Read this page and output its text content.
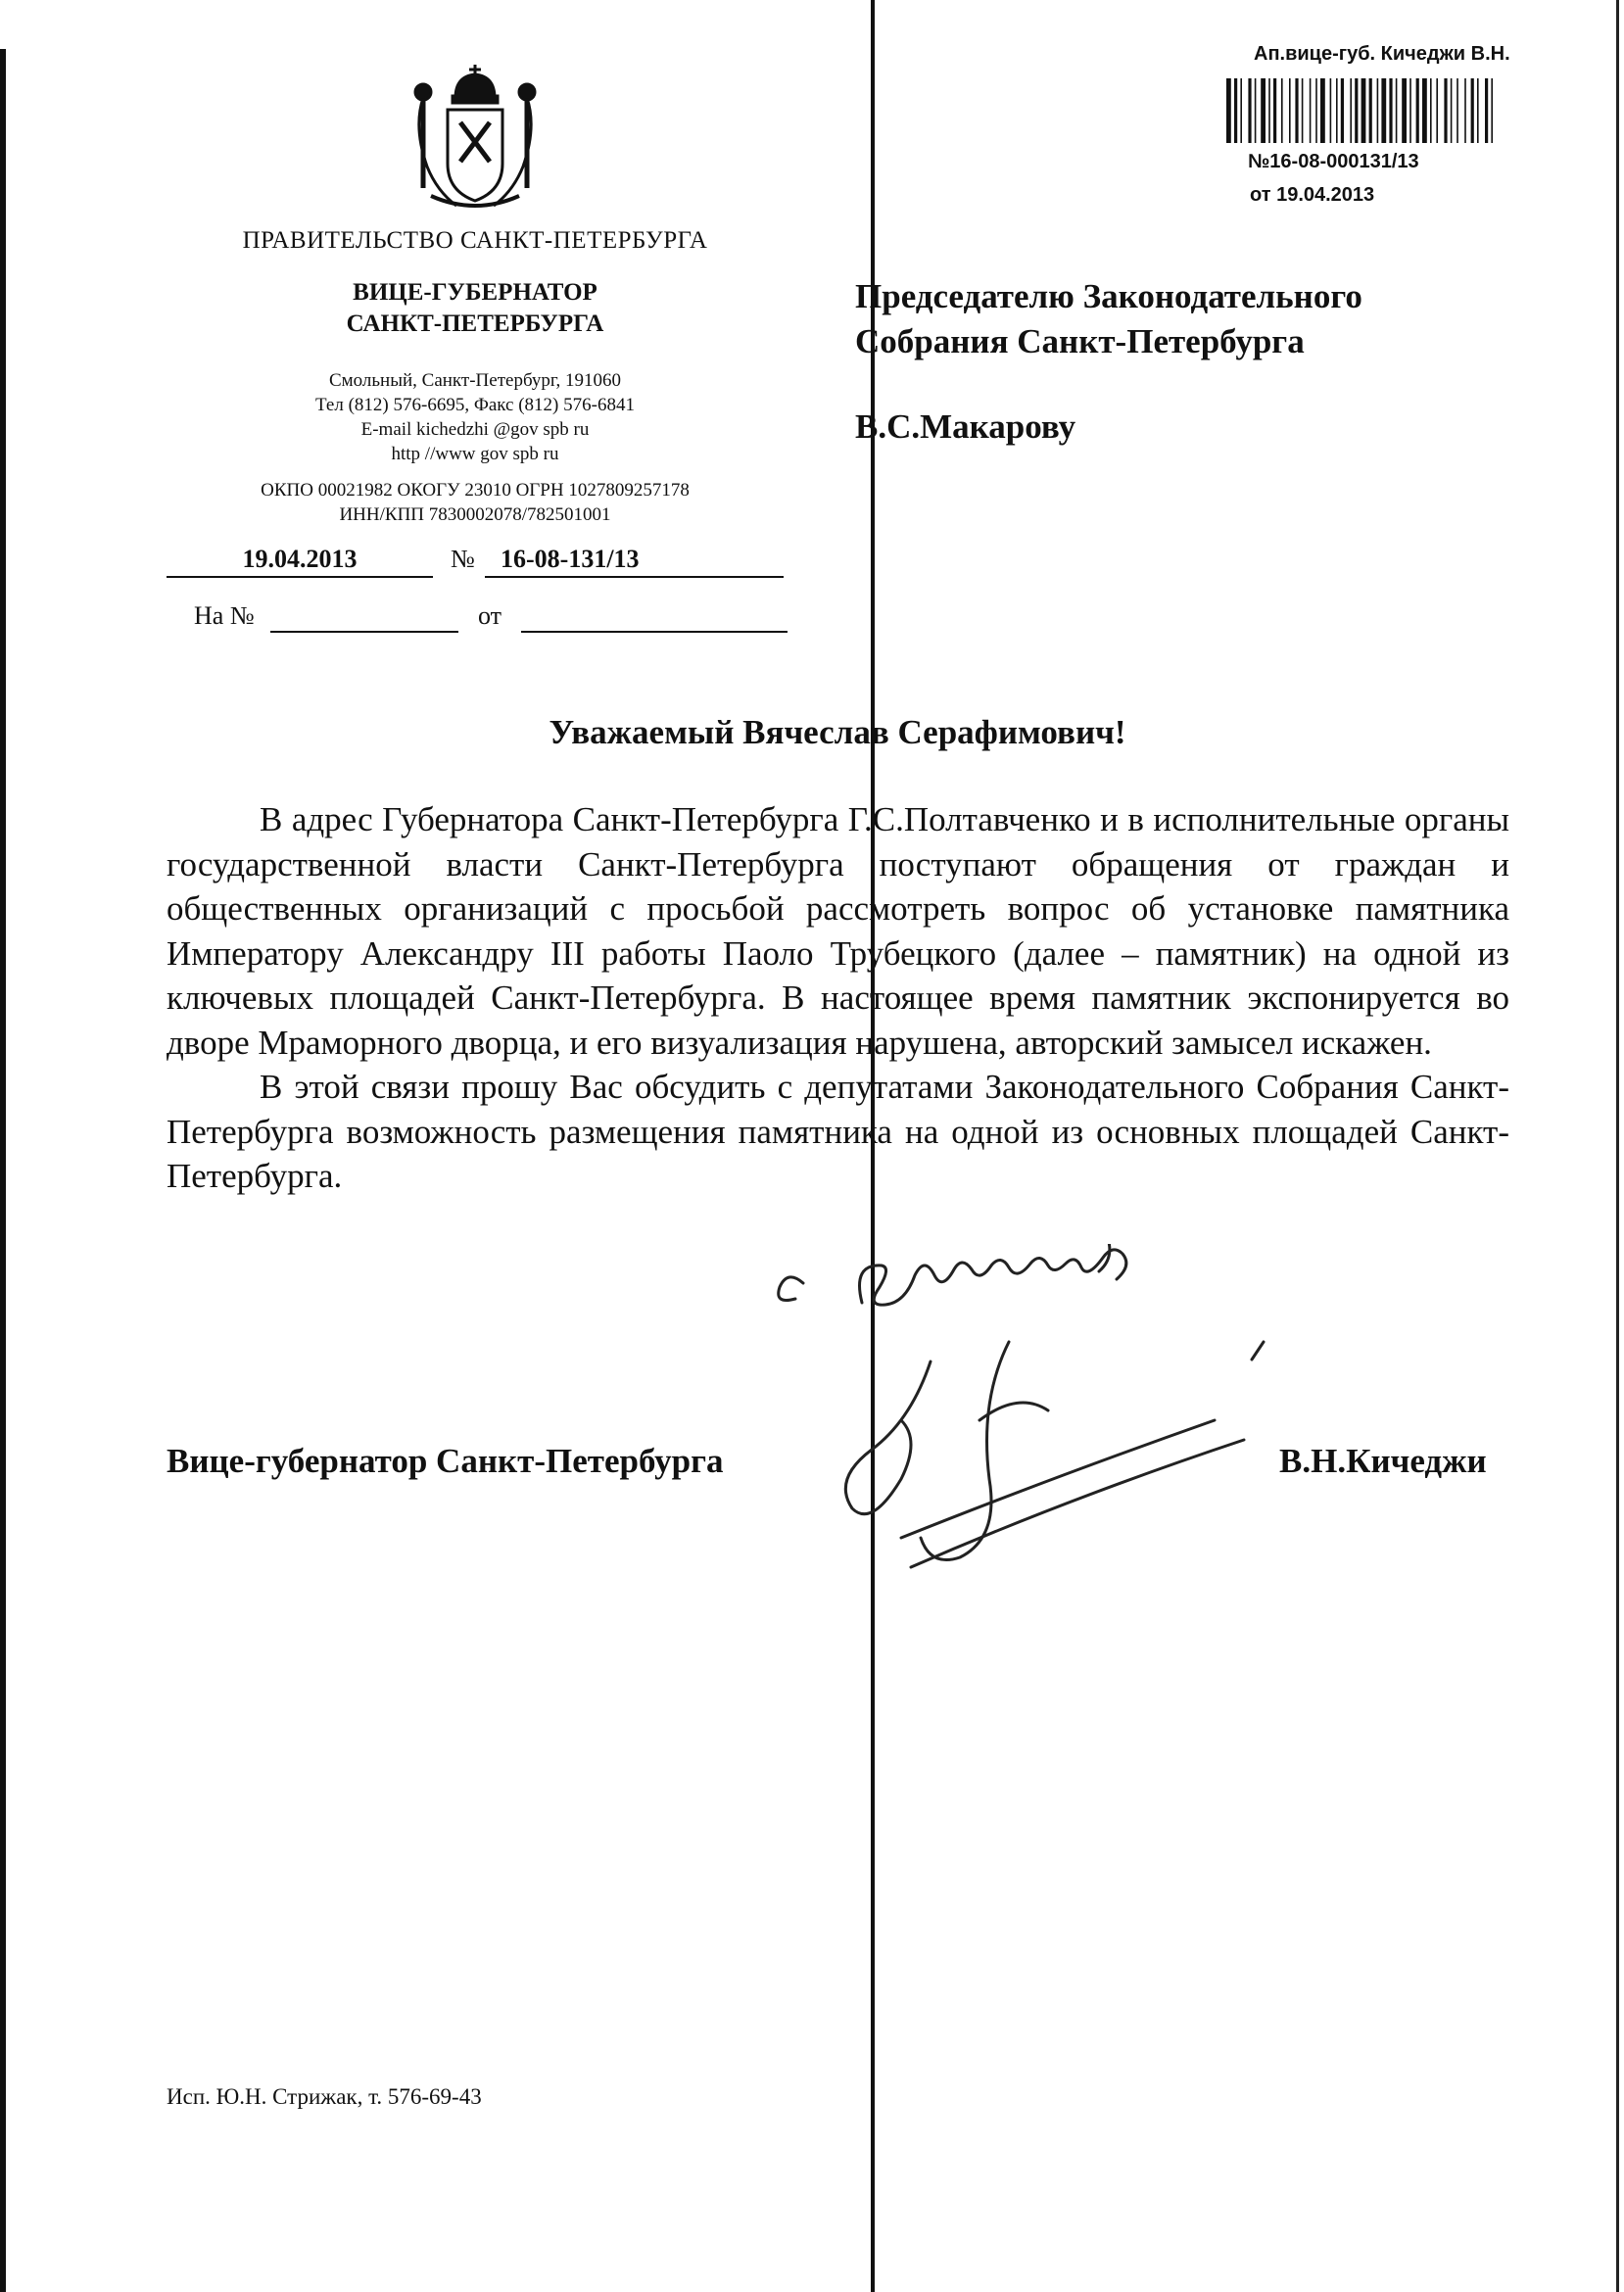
ПРАВИТЕЛЬСТВО САНКТ-ПЕТЕРБУРГА
ВИЦЕ-ГУБЕРНАТОР
САНКТ-ПЕТЕРБУРГА
Смольный, Санкт-Петербург, 191060
Тел (812) 576-6695, Факс (812) 576-6841
E-mail kichedzhi @gov spb ru
http //www gov spb ru
ОКПО 00021982 ОКОГУ 23010 ОГРН 1027809257178
ИНН/КПП 7830002078/782501001
19.04.2013	№	16-08-131/13
На №	от
Ап.вице-губ. Кичеджи В.Н.
№16-08-000131/13
от 19.04.2013
Председателю Законодательного
Собрания Санкт-Петербурга
В.С.Макарову
Уважаемый Вячеслав Серафимович!

В адрес Губернатора Санкт-Петербурга Г.С.Полтавченко и в исполнительные органы государственной власти Санкт-Петербурга поступают обращения от граждан и общественных организаций с просьбой рассмотреть вопрос об установке памятника Императору Александру III работы Паоло Трубецкого (далее – памятник) на одной из ключевых площадей Санкт-Петербурга. В настоящее время памятник экспонируется во дворе Мраморного дворца, и его визуализация нарушена, авторский замысел искажен.

В этой связи прошу Вас обсудить с депутатами Законодательного Собрания Санкт-Петербурга возможность размещения памятника на одной из основных площадей Санкт-Петербурга.

Вице-губернатор Санкт-Петербурга	В.Н.Кичеджи
Исп. Ю.Н. Стрижак, т. 576-69-43
